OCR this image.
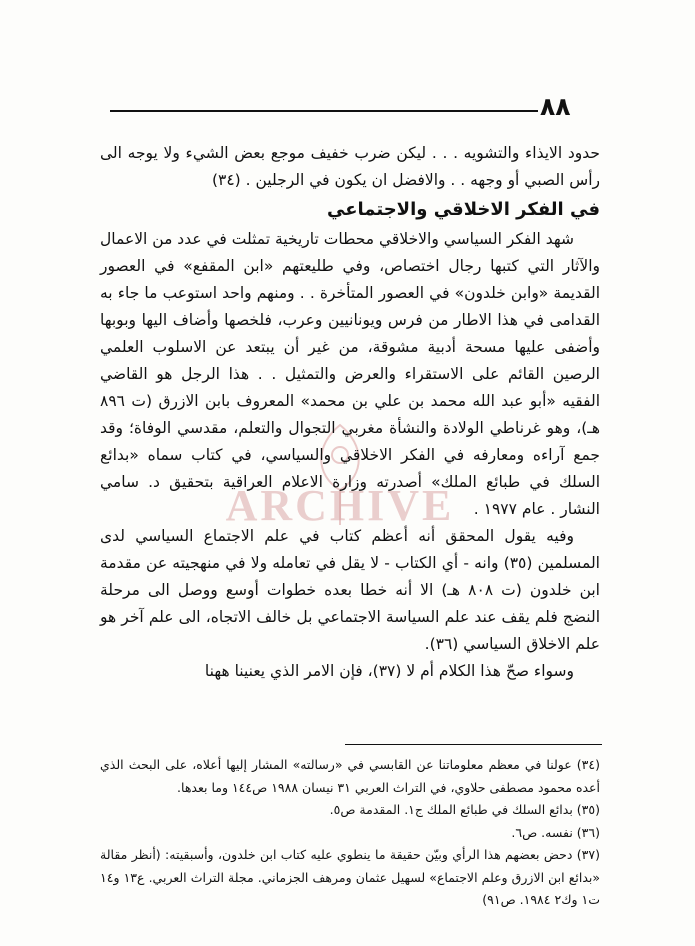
٨٨
ARCHIVE

حدود الايذاء والتشويه . . . ليكن ضرب خفيف موجع بعض الشيء ولا يوجه الى رأس الصبي أو وجهه . . والافضل ان يكون في الرجلين . (٣٤)

في الفكر الاخلاقي والاجتماعي

شهد الفكر السياسي والاخلاقي محطات تاريخية تمثلت في عدد من الاعمال والآثار التي كتبها رجال اختصاص، وفي طليعتهم «ابن المقفع» في العصور القديمة «وابن خلدون» في العصور المتأخرة . . ومنهم واحد استوعب ما جاء به القدامى في هذا الاطار من فرس ويونانيين وعرب، فلخصها وأضاف اليها وبوبها وأضفى عليها مسحة أدبية مشوقة، من غير أن يبتعد عن الاسلوب العلمي الرصين القائم على الاستقراء والعرض والتمثيل . . هذا الرجل هو القاضي الفقيه «أبو عبد الله محمد بن علي بن محمد» المعروف بابن الازرق (ت ٨٩٦ هـ)، وهو غرناطي الولادة والنشأة مغربي التجوال والتعلم، مقدسي الوفاة؛ وقد جمع آراءه ومعارفه في الفكر الاخلاقي والسياسي، في كتاب سماه «بدائع السلك في طبائع الملك» أصدرته وزارة الاعلام العراقية بتحقيق د. سامي النشار . عام ١٩٧٧ .

وفيه يقول المحقق أنه أعظم كتاب في علم الاجتماع السياسي لدى المسلمين (٣٥) وانه - أي الكتاب - لا يقل في تعامله ولا في منهجيته عن مقدمة ابن خلدون (ت ٨٠٨ هـ) الا أنه خطا بعده خطوات أوسع ووصل الى مرحلة النضج فلم يقف عند علم السياسة الاجتماعي بل خالف الاتجاه، الى علم آخر هو علم الاخلاق السياسي (٣٦).

وسواء صحّ هذا الكلام أم لا (٣٧)، فإن الامر الذي يعنينا ههنا

(٣٤) عولنا في معظم معلوماتنا عن القابسي في «رسالته» المشار إليها أعلاه، على البحث الذي أعده محمود مصطفى حلاوي، في التراث العربي ٣١ نيسان ١٩٨٨ ص١٤٤ وما بعدها.

(٣٥) بدائع السلك في طبائع الملك ج١. المقدمة ص٥.

(٣٦) نفسه. ص٦.

(٣٧) دحض بعضهم هذا الرأي وبيّن حقيقة ما ينطوي عليه كتاب ابن خلدون، وأسبقيته: (أنظر مقالة «بدائع ابن الازرق وعلم الاجتماع» لسهيل عثمان ومرهف الجزماني. مجلة التراث العربي. ع١٣ و١٤ ت١ وك٢ ١٩٨٤. ص٩١)
